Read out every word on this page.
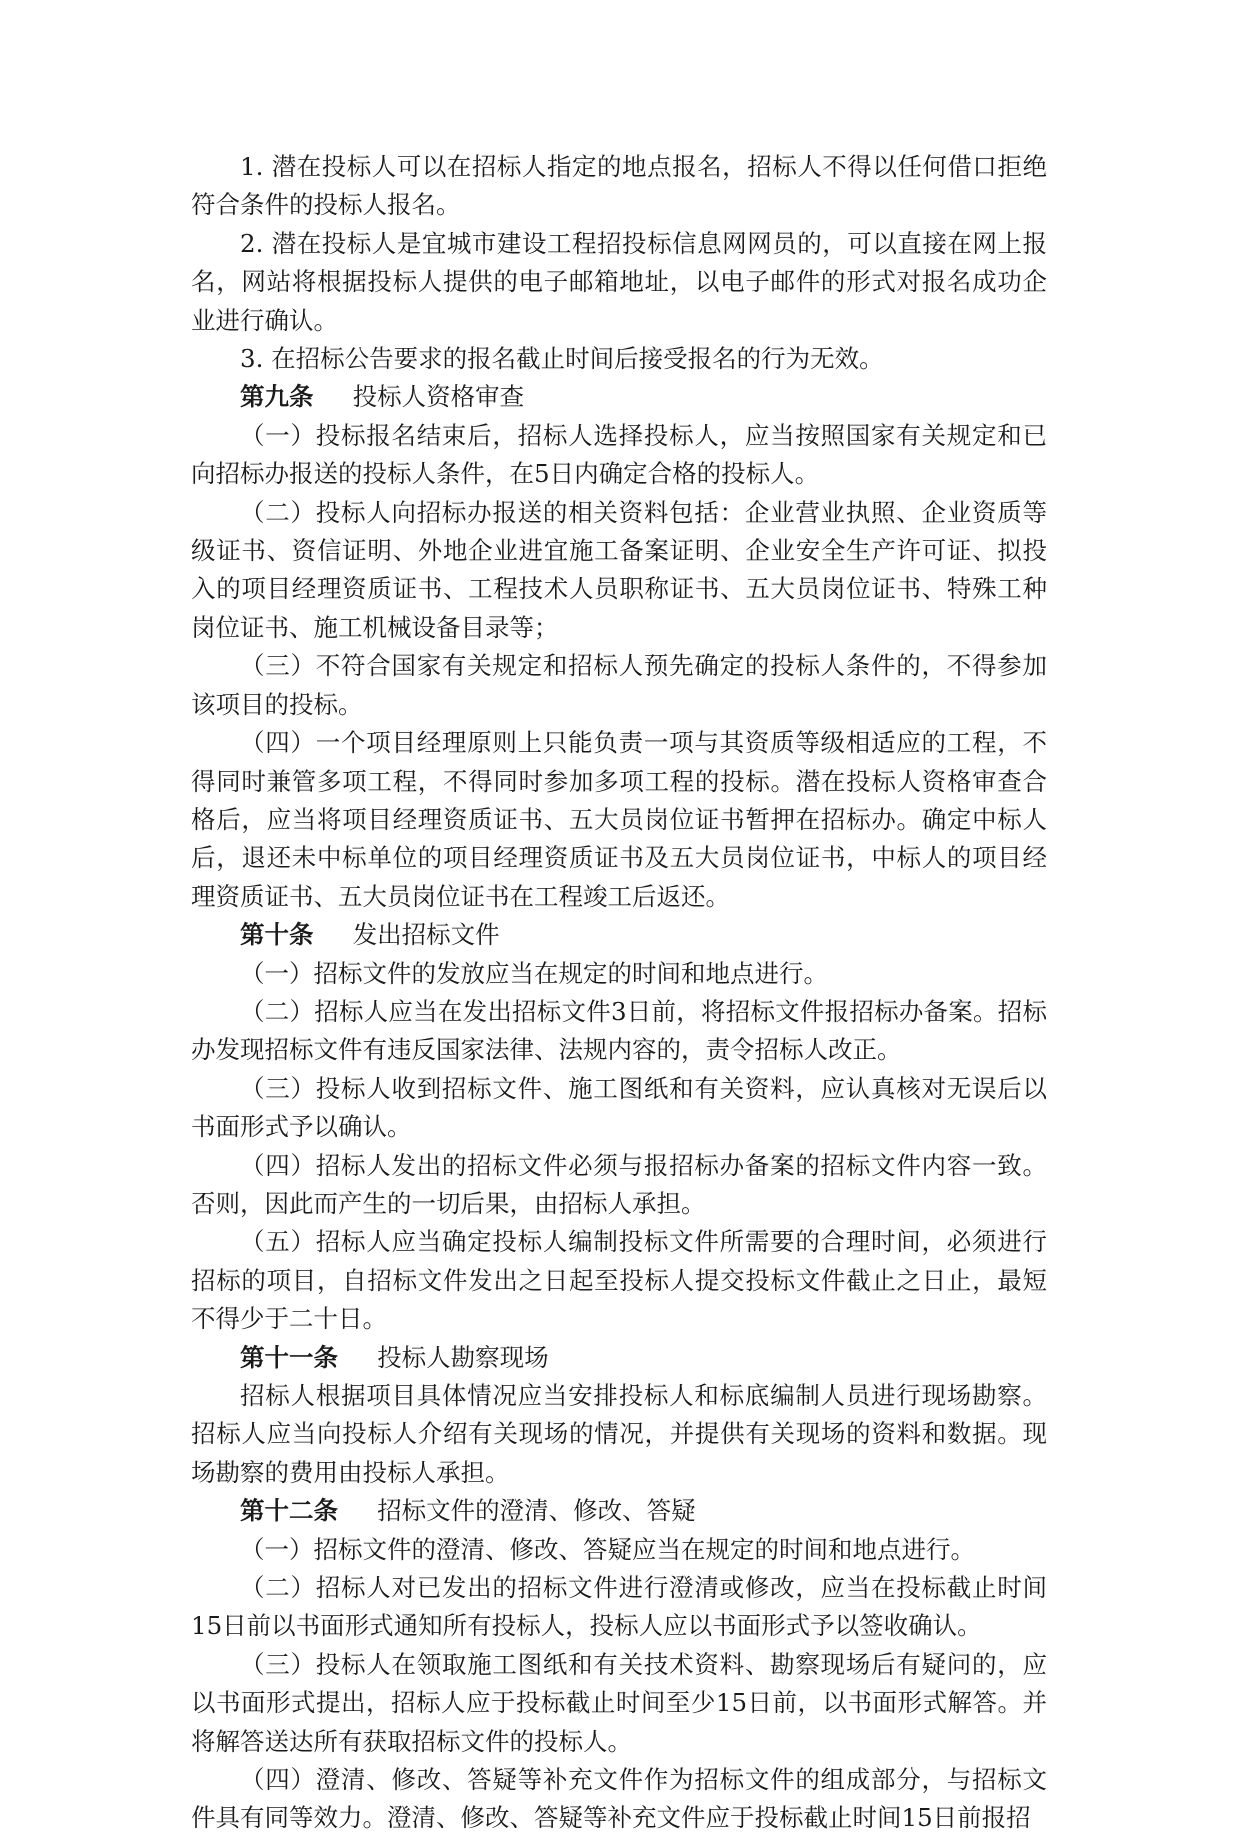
1. 潜在投标人可以在招标人指定的地点报名，招标人不得以任何借口拒绝符合条件的投标人报名。

2. 潜在投标人是宜城市建设工程招投标信息网网员的，可以直接在网上报名，网站将根据投标人提供的电子邮箱地址，以电子邮件的形式对报名成功企业进行确认。

3. 在招标公告要求的报名截止时间后接受报名的行为无效。

第九条 投标人资格审查

（一）投标报名结束后，招标人选择投标人，应当按照国家有关规定和已向招标办报送的投标人条件，在5日内确定合格的投标人。

（二）投标人向招标办报送的相关资料包括：企业营业执照、企业资质等级证书、资信证明、外地企业进宜施工备案证明、企业安全生产许可证、拟投入的项目经理资质证书、工程技术人员职称证书、五大员岗位证书、特殊工种岗位证书、施工机械设备目录等；

（三）不符合国家有关规定和招标人预先确定的投标人条件的，不得参加该项目的投标。

（四）一个项目经理原则上只能负责一项与其资质等级相适应的工程，不得同时兼管多项工程，不得同时参加多项工程的投标。潜在投标人资格审查合格后，应当将项目经理资质证书、五大员岗位证书暂押在招标办。确定中标人后，退还未中标单位的项目经理资质证书及五大员岗位证书，中标人的项目经理资质证书、五大员岗位证书在工程竣工后返还。

第十条 发出招标文件

（一）招标文件的发放应当在规定的时间和地点进行。

（二）招标人应当在发出招标文件3日前，将招标文件报招标办备案。招标办发现招标文件有违反国家法律、法规内容的，责令招标人改正。

（三）投标人收到招标文件、施工图纸和有关资料，应认真核对无误后以书面形式予以确认。

（四）招标人发出的招标文件必须与报招标办备案的招标文件内容一致。否则，因此而产生的一切后果，由招标人承担。

（五）招标人应当确定投标人编制投标文件所需要的合理时间，必须进行招标的项目，自招标文件发出之日起至投标人提交投标文件截止之日止，最短不得少于二十日。

第十一条 投标人勘察现场

招标人根据项目具体情况应当安排投标人和标底编制人员进行现场勘察。招标人应当向投标人介绍有关现场的情况，并提供有关现场的资料和数据。现场勘察的费用由投标人承担。

第十二条 招标文件的澄清、修改、答疑

（一）招标文件的澄清、修改、答疑应当在规定的时间和地点进行。

（二）招标人对已发出的招标文件进行澄清或修改，应当在投标截止时间15日前以书面形式通知所有投标人，投标人应以书面形式予以签收确认。

（三）投标人在领取施工图纸和有关技术资料、勘察现场后有疑问的，应以书面形式提出，招标人应于投标截止时间至少15日前，以书面形式解答。并将解答送达所有获取招标文件的投标人。

（四）澄清、修改、答疑等补充文件作为招标文件的组成部分，与招标文件具有同等效力。澄清、修改、答疑等补充文件应于投标截止时间15日前报招
